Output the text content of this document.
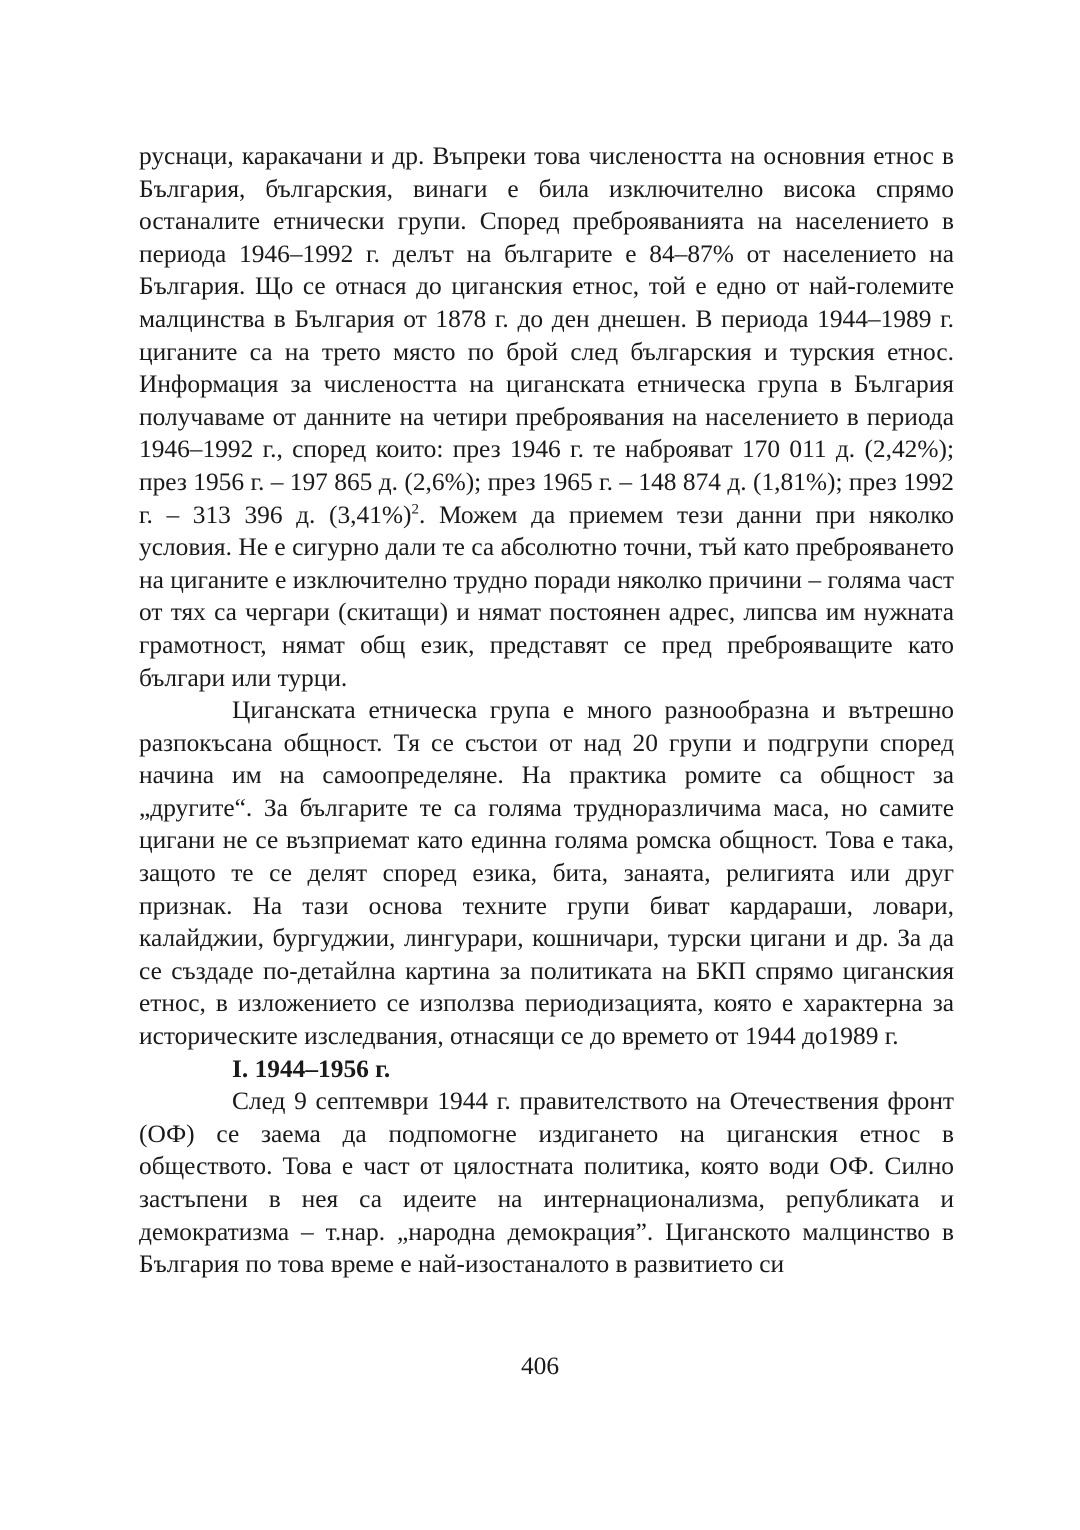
руснаци, каракачани и др. Въпреки това числеността на основния етнос в България, българския, винаги е била изключително висока спрямо останалите етнически групи. Според преброяванията на населението в периода 1946–1992 г. делът на българите е 84–87% от населението на България. Що се отнася до циганския етнос, той е едно от най-големите малцинства в България от 1878 г. до ден днешен. В периода 1944–1989 г. циганите са на трето място по брой след българския и турския етнос. Информация за числеността на циганската етническа група в България получаваме от данните на четири преброявания на населението в периода 1946–1992 г., според които: през 1946 г. те наброяват 170 011 д. (2,42%); през 1956 г. – 197 865 д. (2,6%); през 1965 г. – 148 874 д. (1,81%); през 1992 г. – 313 396 д. $(3,41\%)^2$. Можем да приемем тези данни при няколко условия. Не е сигурно дали те са абсолютно точни, тъй като преброяването на циганите е изключително трудно поради няколко причини – голяма част от тях са чергари (скитащи) и нямат постоянен адрес, липсва им нужната грамотност, нямат общ език, представят се пред преброяващите като българи или турци.

Циганската етническа група е много разнообразна и вътрешно разпокъсана общност. Тя се състои от над 20 групи и подгрупи според начина им на самоопределяне. На практика ромите са общност за „другите“. За българите те са голяма трудноразличима маса, но самите цигани не се възприемат като единна голяма ромска общност. Това е така, защото те се делят според езика, бита, занаята, религията или друг признак. На тази основа техните групи биват кардараши, ловари, калайджии, бургуджии, лингурари, кошничари, турски цигани и др. За да се създаде по-детайлна картина за политиката на БКП спрямо циганския етнос, в изложението се използва периодизацията, която е характерна за историческите изследвания, отнасящи се до времето от 1944 до1989 г.

I. 1944–1956 г.

След 9 септември 1944 г. правителството на Отечествения фронт (ОФ) се заема да подпомогне издигането на циганския етнос в обществото. Това е част от цялостната политика, която води ОФ. Силно застъпени в нея са идеите на интернационализма, републиката и демократизма – т.нар. „народна демокрация”. Циганското малцинство в България по това време е най-изостаналото в развитието си

406
